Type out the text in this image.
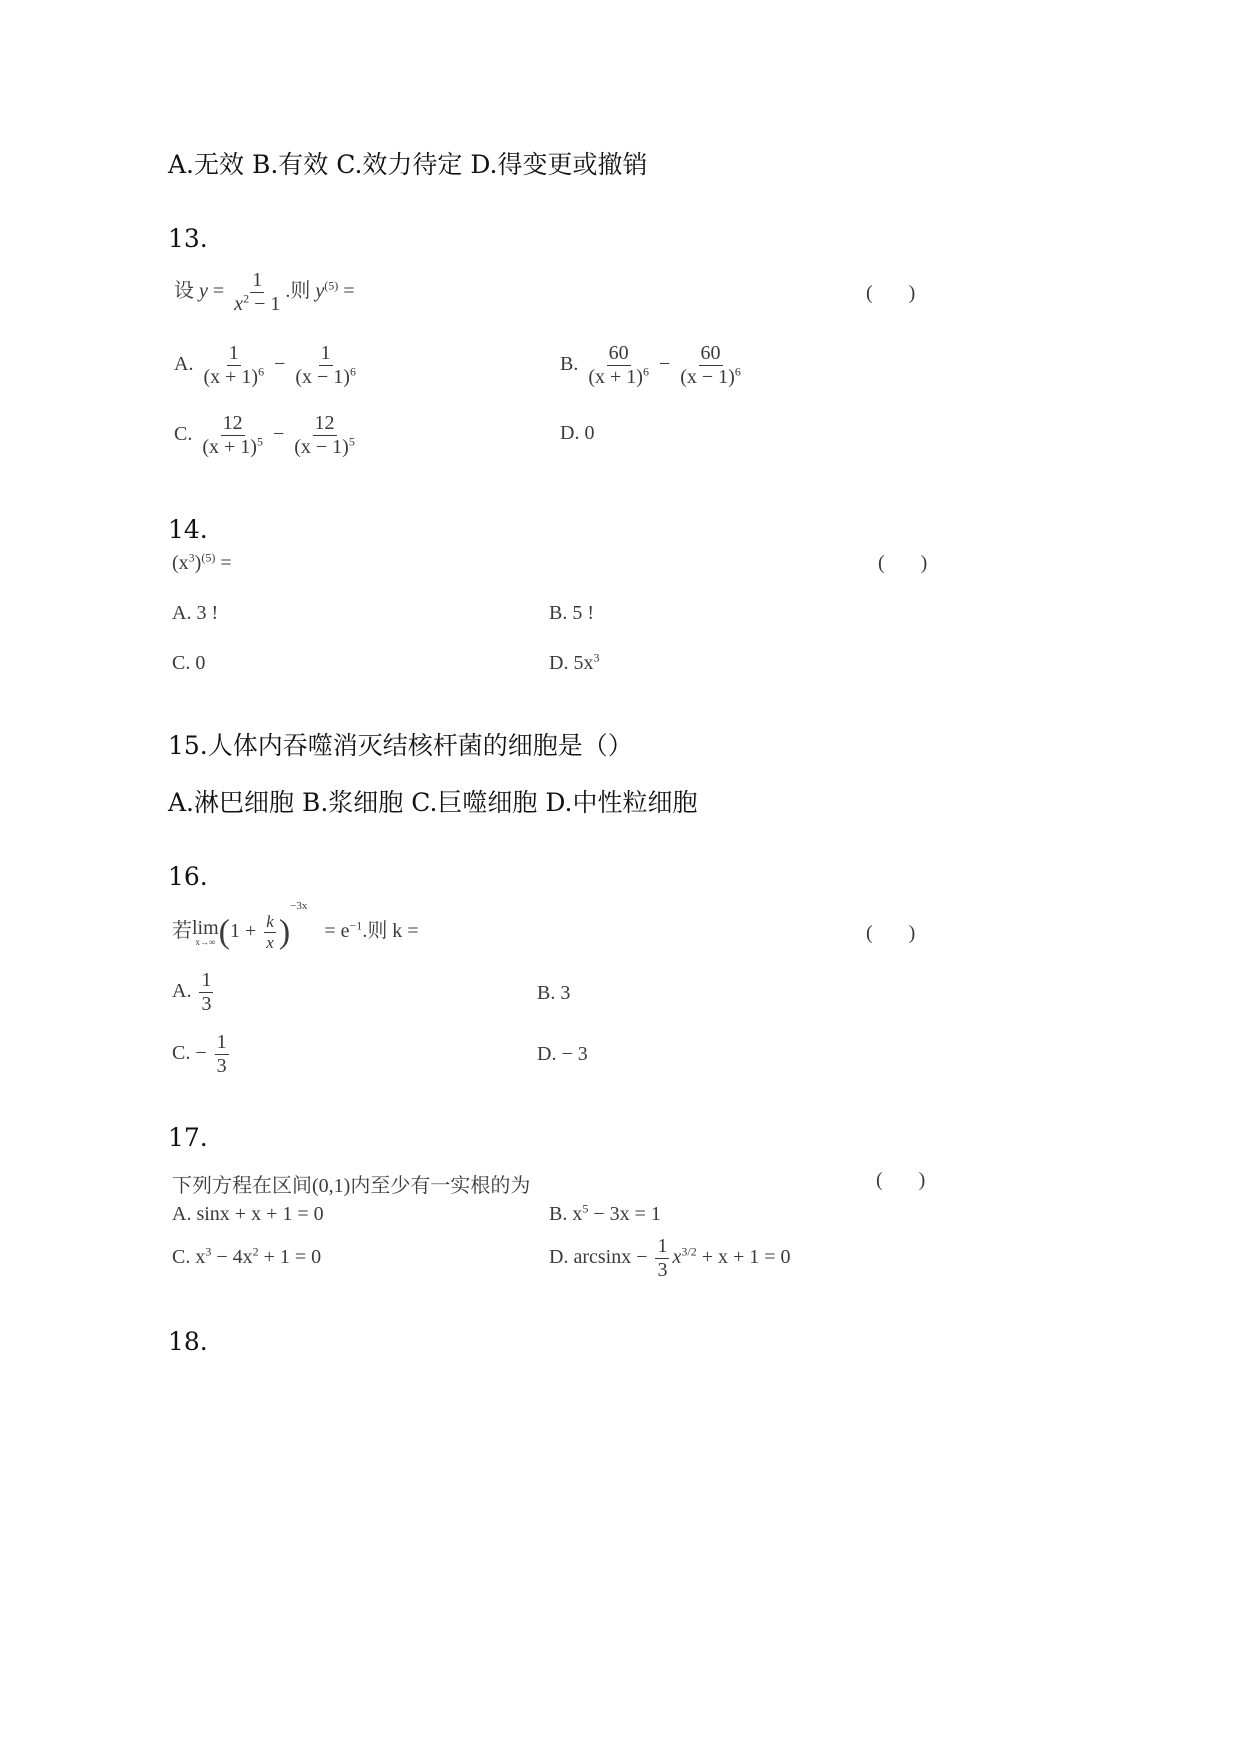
A.无效 B.有效 C.效力待定 D.得变更或撤销
13.
设 $y = \frac{1}{x^2 - 1}$ .则 $y^{(5)}$ =	()
A. $\frac{1}{(x + 1)^6} - \frac{1}{(x - 1)^6}$	B. $\frac{60}{(x + 1)^6} - \frac{60}{(x - 1)^6}$
C. $\frac{12}{(x + 1)^5} - \frac{12}{(x - 1)^5}$	D. 0
14.
$(x^3)^{(5)}$ =	()
A. 3 !	B. 5 !
C. 0	D. $5x^3$
15.人体内吞噬消灭结核杆菌的细胞是（）
A.淋巴细胞 B.浆细胞 C.巨噬细胞 D.中性粒细胞
16.
若 lim
x→∞ $(1 + \frac{k}{x} )^{-3x} = e^{-1}$.则 k =	()
A. $\frac{1}{3}$	B. 3
C. − $\frac{1}{3}$	D. − 3
17.
下列方程在区间(0,1)内至少有一实根的为	()
A. sinx + x + 1 = 0	B. $x^5 - 3x = 1$
C. $x^3 - 4x^2 + 1 = 0$	D. $\arcsin x - \frac{1}{3} x^{3/2} + x + 1 = 0$
18.
